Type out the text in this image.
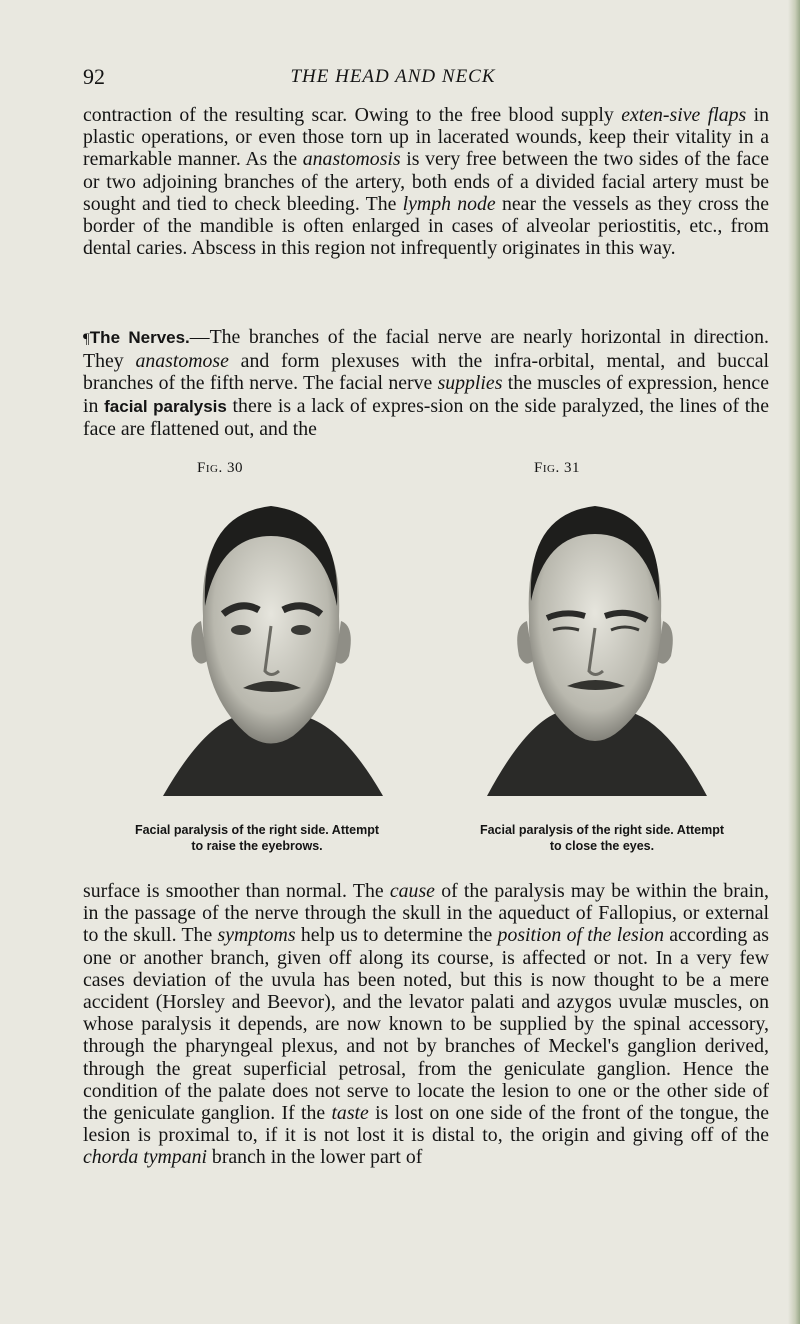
92	THE HEAD AND NECK

contraction of the resulting scar. Owing to the free blood supply exten-sive flaps in plastic operations, or even those torn up in lacerated wounds, keep their vitality in a remarkable manner. As the anastomosis is very free between the two sides of the face or two adjoining branches of the artery, both ends of a divided facial artery must be sought and tied to check bleeding. The lymph node near the vessels as they cross the border of the mandible is often enlarged in cases of alveolar periostitis, etc., from dental caries. Abscess in this region not infrequently originates in this way.

¶The Nerves.—The branches of the facial nerve are nearly horizontal in direction. They anastomose and form plexuses with the infra-orbital, mental, and buccal branches of the fifth nerve. The facial nerve supplies the muscles of expression, hence in facial paralysis there is a lack of expres-sion on the side paralyzed, the lines of the face are flattened out, and the

Fig. 30	Fig. 31
Facial paralysis of the right side. Attempt
to raise the eyebrows.
Facial paralysis of the right side. Attempt
to close the eyes.

surface is smoother than normal. The cause of the paralysis may be within the brain, in the passage of the nerve through the skull in the aqueduct of Fallopius, or external to the skull. The symptoms help us to determine the position of the lesion according as one or another branch, given off along its course, is affected or not. In a very few cases deviation of the uvula has been noted, but this is now thought to be a mere accident (Horsley and Beevor), and the levator palati and azygos uvulæ muscles, on whose paralysis it depends, are now known to be supplied by the spinal accessory, through the pharyngeal plexus, and not by branches of Meckel's ganglion derived, through the great superficial petrosal, from the geniculate ganglion. Hence the condition of the palate does not serve to locate the lesion to one or the other side of the geniculate ganglion. If the taste is lost on one side of the front of the tongue, the lesion is proximal to, if it is not lost it is distal to, the origin and giving off of the chorda tympani branch in the lower part of
